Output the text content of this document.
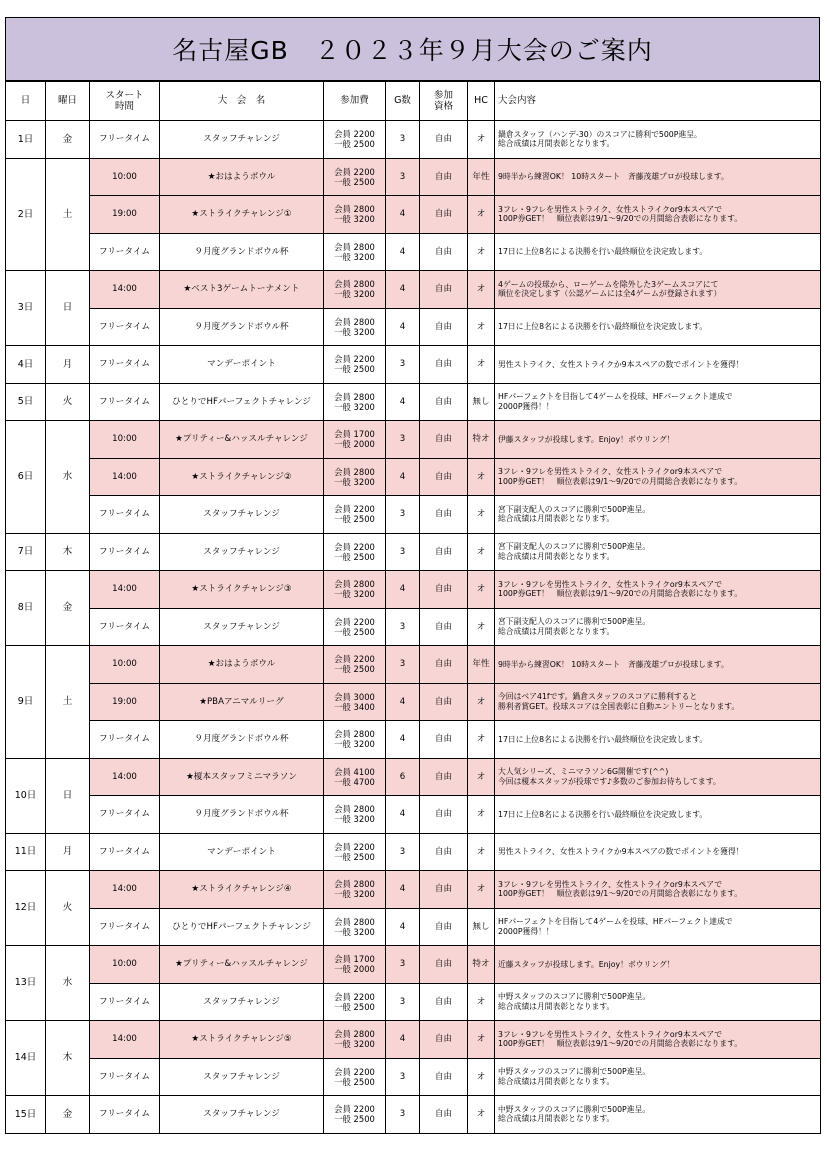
名古屋GB　２０２３年９月大会のご案内
日	曜日	スタート
時間	大　会　名	参加費	G数	参加
資格	HC	大会内容
1日	金	フリータイム	スタッフチャレンジ	会員 2200
一般 2500	3	自由	オ	鍋倉スタッフ（ハンデ-30）のスコアに勝利で500P進呈。
総合成績は月間表彰となります。
2日	土	10:00	★おはようボウル	会員 2200
一般 2500	3	自由	年性	9時半から練習OK！ 10時スタート　斉藤茂雄プロが投球します。
		19:00	★ストライクチャレンジ①	会員 2800
一般 3200	4	自由	オ	3フレ・9フレを男性ストライク、女性ストライクor9本スペアで
100P券GET！　順位表彰は9/1～9/20での月間総合表彰になります。
		フリータイム	９月度グランドボウル杯	会員 2800
一般 3200	4	自由	オ	17日に上位8名による決勝を行い最終順位を決定致します。
3日	日	14:00	★ベスト3ゲームトーナメント	会員 2800
一般 3200	4	自由	オ	4ゲームの投球から、ローゲームを除外した3ゲームスコアにて
順位を決定します（公認ゲームには全4ゲームが登録されます）
		フリータイム	９月度グランドボウル杯	会員 2800
一般 3200	4	自由	オ	17日に上位8名による決勝を行い最終順位を決定致します。
4日	月	フリータイム	マンデーポイント	会員 2200
一般 2500	3	自由	オ	男性ストライク、女性ストライクか9本スペアの数でポイントを獲得！
5日	火	フリータイム	ひとりでHFパーフェクトチャレンジ	会員 2800
一般 3200	4	自由	無し	HFパーフェクトを目指して4ゲームを投球、HFパーフェクト達成で
2000P獲得！！
6日	水	10:00	★プリティー&ハッスルチャレンジ	会員 1700
一般 2000	3	自由	特オ	伊藤スタッフが投球します。Enjoy！ボウリング！
		14:00	★ストライクチャレンジ②	会員 2800
一般 3200	4	自由	オ	3フレ・9フレを男性ストライク、女性ストライクor9本スペアで
100P券GET！　順位表彰は9/1～9/20での月間総合表彰になります。
		フリータイム	スタッフチャレンジ	会員 2200
一般 2500	3	自由	オ	宮下副支配人のスコアに勝利で500P進呈。
総合成績は月間表彰となります。
7日	木	フリータイム	スタッフチャレンジ	会員 2200
一般 2500	3	自由	オ	宮下副支配人のスコアに勝利で500P進呈。
総合成績は月間表彰となります。
8日	金	14:00	★ストライクチャレンジ③	会員 2800
一般 3200	4	自由	オ	3フレ・9フレを男性ストライク、女性ストライクor9本スペアで
100P券GET！　順位表彰は9/1～9/20での月間総合表彰になります。
		フリータイム	スタッフチャレンジ	会員 2200
一般 2500	3	自由	オ	宮下副支配人のスコアに勝利で500P進呈。
総合成績は月間表彰となります。
9日	土	10:00	★おはようボウル	会員 2200
一般 2500	3	自由	年性	9時半から練習OK！ 10時スタート　斉藤茂雄プロが投球します。
		19:00	★PBAアニマルリーグ	会員 3000
一般 3400	4	自由	オ	今回はベア41fです。鍋倉スタッフのスコアに勝利すると
勝利者賞GET。投球スコアは全国表彰に自動エントリーとなります。
		フリータイム	９月度グランドボウル杯	会員 2800
一般 3200	4	自由	オ	17日に上位8名による決勝を行い最終順位を決定致します。
10日	日	14:00	★榎本スタッフミニマラソン	会員 4100
一般 4700	6	自由	オ	大人気シリーズ、ミニマラソン6G開催です(^^)
今回は榎本スタッフが投球です♪多数のご参加お待ちしてます。
		フリータイム	９月度グランドボウル杯	会員 2800
一般 3200	4	自由	オ	17日に上位8名による決勝を行い最終順位を決定致します。
11日	月	フリータイム	マンデーポイント	会員 2200
一般 2500	3	自由	オ	男性ストライク、女性ストライクか9本スペアの数でポイントを獲得！
12日	火	14:00	★ストライクチャレンジ④	会員 2800
一般 3200	4	自由	オ	3フレ・9フレを男性ストライク、女性ストライクor9本スペアで
100P券GET！　順位表彰は9/1～9/20での月間総合表彰になります。
		フリータイム	ひとりでHFパーフェクトチャレンジ	会員 2800
一般 3200	4	自由	無し	HFパーフェクトを目指して4ゲームを投球、HFパーフェクト達成で
2000P獲得！！
13日	水	10:00	★プリティー&ハッスルチャレンジ	会員 1700
一般 2000	3	自由	特オ	近藤スタッフが投球します。Enjoy！ボウリング！
		フリータイム	スタッフチャレンジ	会員 2200
一般 2500	3	自由	オ	中野スタッフのスコアに勝利で500P進呈。
総合成績は月間表彰となります。
14日	木	14:00	★ストライクチャレンジ⑤	会員 2800
一般 3200	4	自由	オ	3フレ・9フレを男性ストライク、女性ストライクor9本スペアで
100P券GET！　順位表彰は9/1～9/20での月間総合表彰になります。
		フリータイム	スタッフチャレンジ	会員 2200
一般 2500	3	自由	オ	中野スタッフのスコアに勝利で500P進呈。
総合成績は月間表彰となります。
15日	金	フリータイム	スタッフチャレンジ	会員 2200
一般 2500	3	自由	オ	中野スタッフのスコアに勝利で500P進呈。
総合成績は月間表彰となります。
